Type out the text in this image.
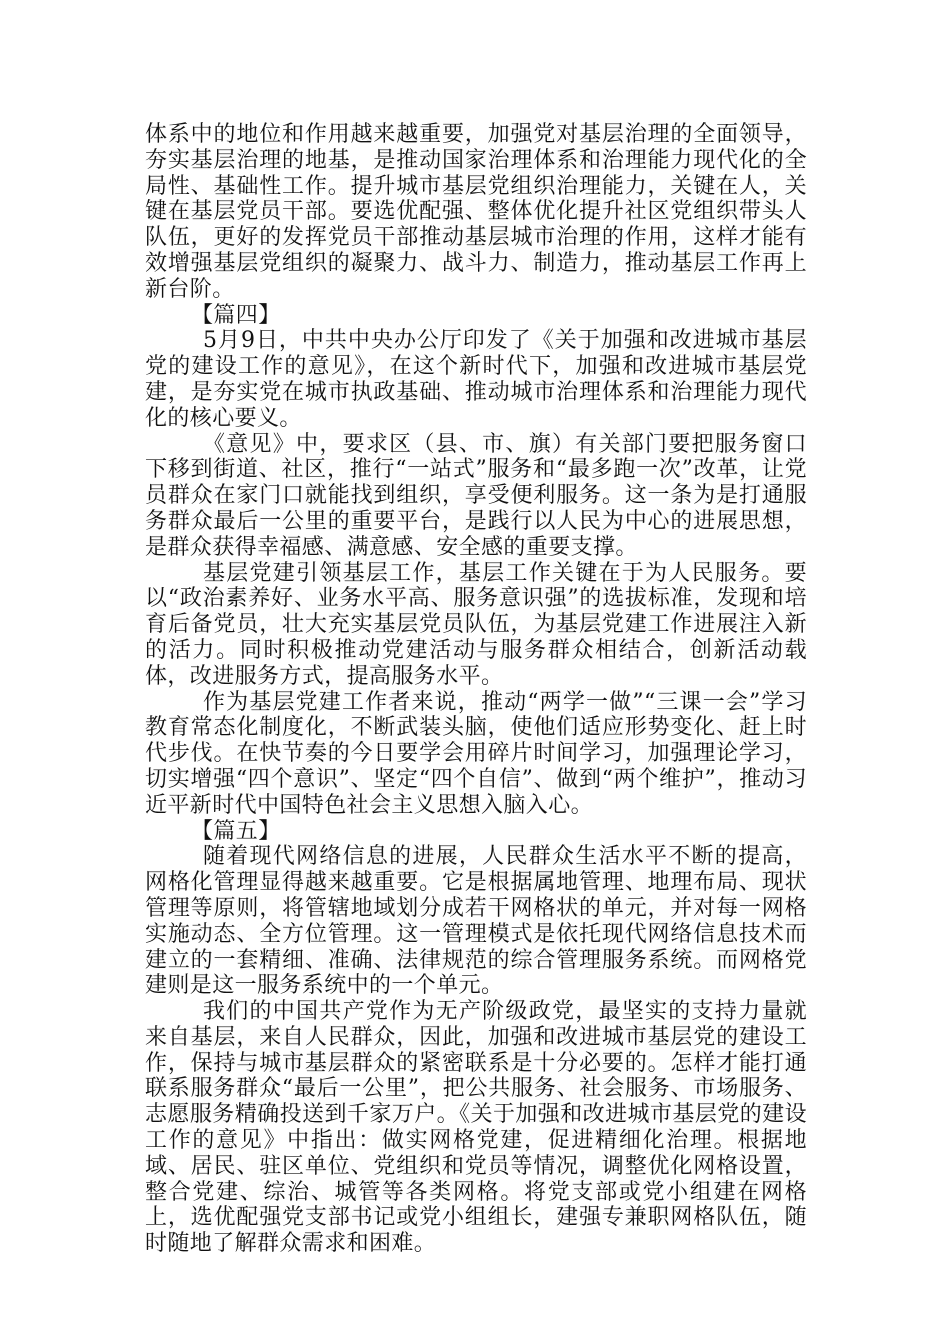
体系中的地位和作用越来越重要，加强党对基层治理的全面领导，夯实基层治理的地基，是推动国家治理体系和治理能力现代化的全局性、基础性工作。提升城市基层党组织治理能力，关键在人，关键在基层党员干部。要选优配强、整体优化提升社区党组织带头人队伍，更好的发挥党员干部推动基层城市治理的作用，这样才能有效增强基层党组织的凝聚力、战斗力、制造力，推动基层工作再上新台阶。

【篇四】

5月9日，中共中央办公厅印发了《关于加强和改进城市基层党的建设工作的意见》，在这个新时代下，加强和改进城市基层党建，是夯实党在城市执政基础、推动城市治理体系和治理能力现代化的核心要义。

《意见》中，要求区（县、市、旗）有关部门要把服务窗口下移到街道、社区，推行“一站式”服务和“最多跑一次”改革，让党员群众在家门口就能找到组织，享受便利服务。这一条为是打通服务群众最后一公里的重要平台，是践行以人民为中心的进展思想，是群众获得幸福感、满意感、安全感的重要支撑。

基层党建引领基层工作，基层工作关键在于为人民服务。要以“政治素养好、业务水平高、服务意识强”的选拔标准，发现和培育后备党员，壮大充实基层党员队伍，为基层党建工作进展注入新的活力。同时积极推动党建活动与服务群众相结合，创新活动载体，改进服务方式，提高服务水平。

作为基层党建工作者来说，推动“两学一做”“三课一会”学习教育常态化制度化，不断武装头脑，使他们适应形势变化、赶上时代步伐。在快节奏的今日要学会用碎片时间学习，加强理论学习，切实增强“四个意识”、坚定“四个自信”、做到“两个维护”，推动习近平新时代中国特色社会主义思想入脑入心。

【篇五】

随着现代网络信息的进展，人民群众生活水平不断的提高，网格化管理显得越来越重要。它是根据属地管理、地理布局、现状管理等原则，将管辖地域划分成若干网格状的单元，并对每一网格实施动态、全方位管理。这一管理模式是依托现代网络信息技术而建立的一套精细、准确、法律规范的综合管理服务系统。而网格党建则是这一服务系统中的一个单元。

我们的中国共产党作为无产阶级政党，最坚实的支持力量就来自基层，来自人民群众，因此，加强和改进城市基层党的建设工作，保持与城市基层群众的紧密联系是十分必要的。怎样才能打通联系服务群众“最后一公里”，把公共服务、社会服务、市场服务、志愿服务精确投送到千家万户。《关于加强和改进城市基层党的建设工作的意见》中指出：做实网格党建，促进精细化治理。根据地域、居民、驻区单位、党组织和党员等情况，调整优化网格设置，整合党建、综治、城管等各类网格。将党支部或党小组建在网格上，选优配强党支部书记或党小组组长，建强专兼职网格队伍，随时随地了解群众需求和困难。
